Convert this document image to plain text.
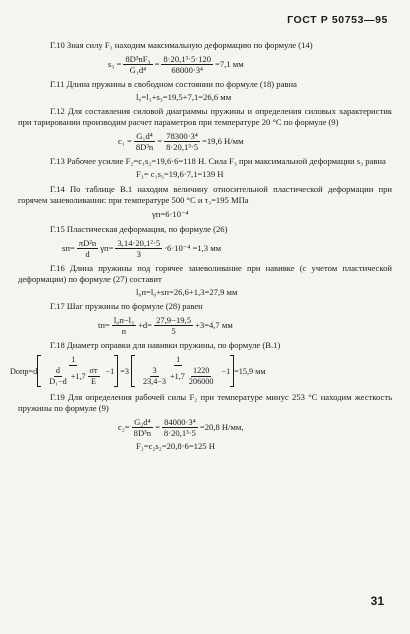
ГОСТ Р 50753—95

Г.10 Зная силу F₃ находим максимальную деформацию по формуле (14)

$s_3 = \frac{\text{8D³nF₃}}{\text{G₁d⁴}} = \frac{\text{8·20,1³·5·120}}{\text{68000·3⁴}} =7,1$ мм

Г.11 Длина пружины в свободном состоянии по формуле (18) равна

l₀=l₃+s₃=19,5+7,1=26,6 мм

Г.12 Для составления силовой диаграммы пружины и определения силовых характеристик при тарировании производим расчет параметров при температуре 20 °С по формуле (9)

$c_1 = \frac{\text{G₁d⁴}}{\text{8D³n}} = \frac{\text{78300·3⁴}}{\text{8·20,1³·5}} =19,6$ Н/мм

Г.13 Рабочее усилие F₂=c₁s₂=19,6·6=118 Н. Сила F₃ при максимальной деформации s₃ равна

F₃= c₁s₃=19,6·7,1=139 Н

Г.14 По таблице В.1 находим величину относительной пластической деформации при горячем заневоливании: при температуре 500 °С и τ₃=195 МПа

γп=6·10⁻⁴

Г.15 Пластическая деформация, по формуле (26)

$sп= \frac{\text{πD²n}}{d} \gamma п= \frac{\text{3,14·20,1²·5}}{3} \cdot 6\cdot 10^{-4} =1,3$ мм

Г.16 Длина пружины под горячее заневоливание при навивке (с учетом пластической деформации) по формуле (27) составит

l₀п=l₀+sп=26,6+1,3=27,9 мм

Г.17 Шаг пружины по формуле (28) равен

tп= l₀п−l₃
n
$+d= \frac{27,9-19,5}{5} +3=4,7$ мм

Г.18 Диаметр оправки для навивки пружины, по формуле (В.1)

Dопр=d
1
$\frac{d}{\text{D₁−d}} +1,7$
σт
E
$-1 =3 \frac{1}{\frac{3}{23,4-3} +1,7 \frac{1220}{206000}} -1 =15,9$ мм

Г.19 Для определения рабочей силы F₂ при температуре минус 253 °С находим жесткость пружины по формуле (9)

$c_2= \frac{\text{G₂d⁴}}{\text{8D³n}} = \frac{\text{84000·3⁴}}{\text{8·20,1³·5}} =20,8$ Н/мм,
F₂=c₂s₂=20,8·6=125 Н
31
